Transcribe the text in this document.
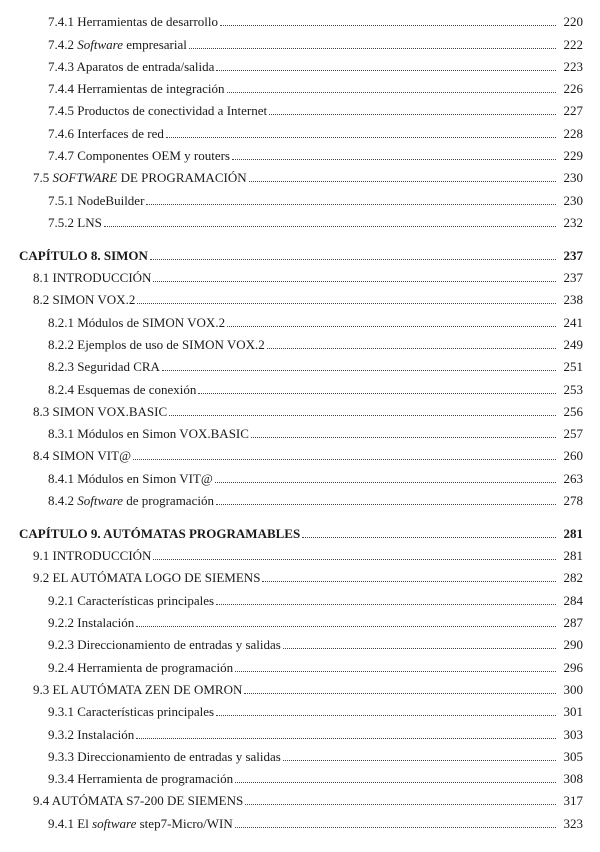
7.4.1 Herramientas de desarrollo	220
7.4.2 Software empresarial	222
7.4.3 Aparatos de entrada/salida	223
7.4.4 Herramientas de integración	226
7.4.5 Productos de conectividad a Internet	227
7.4.6 Interfaces de red	228
7.4.7 Componentes OEM y routers	229
7.5 SOFTWARE DE PROGRAMACIÓN	230
7.5.1 NodeBuilder	230
7.5.2 LNS	232
CAPÍTULO 8. SIMON	237
8.1 INTRODUCCIÓN	237
8.2 SIMON VOX.2	238
8.2.1 Módulos de SIMON VOX.2	241
8.2.2 Ejemplos de uso de SIMON VOX.2	249
8.2.3 Seguridad CRA	251
8.2.4 Esquemas de conexión	253
8.3 SIMON VOX.BASIC	256
8.3.1 Módulos en Simon VOX.BASIC	257
8.4 SIMON VIT@	260
8.4.1 Módulos en Simon VIT@	263
8.4.2 Software de programación	278
CAPÍTULO 9. AUTÓMATAS PROGRAMABLES	281
9.1 INTRODUCCIÓN	281
9.2 EL AUTÓMATA LOGO DE SIEMENS	282
9.2.1 Características principales	284
9.2.2 Instalación	287
9.2.3 Direccionamiento de entradas y salidas	290
9.2.4 Herramienta de programación	296
9.3 EL AUTÓMATA ZEN DE OMRON	300
9.3.1 Características principales	301
9.3.2 Instalación	303
9.3.3 Direccionamiento de entradas y salidas	305
9.3.4 Herramienta de programación	308
9.4 AUTÓMATA S7-200 DE SIEMENS	317
9.4.1 El software step7-Micro/WIN	323
